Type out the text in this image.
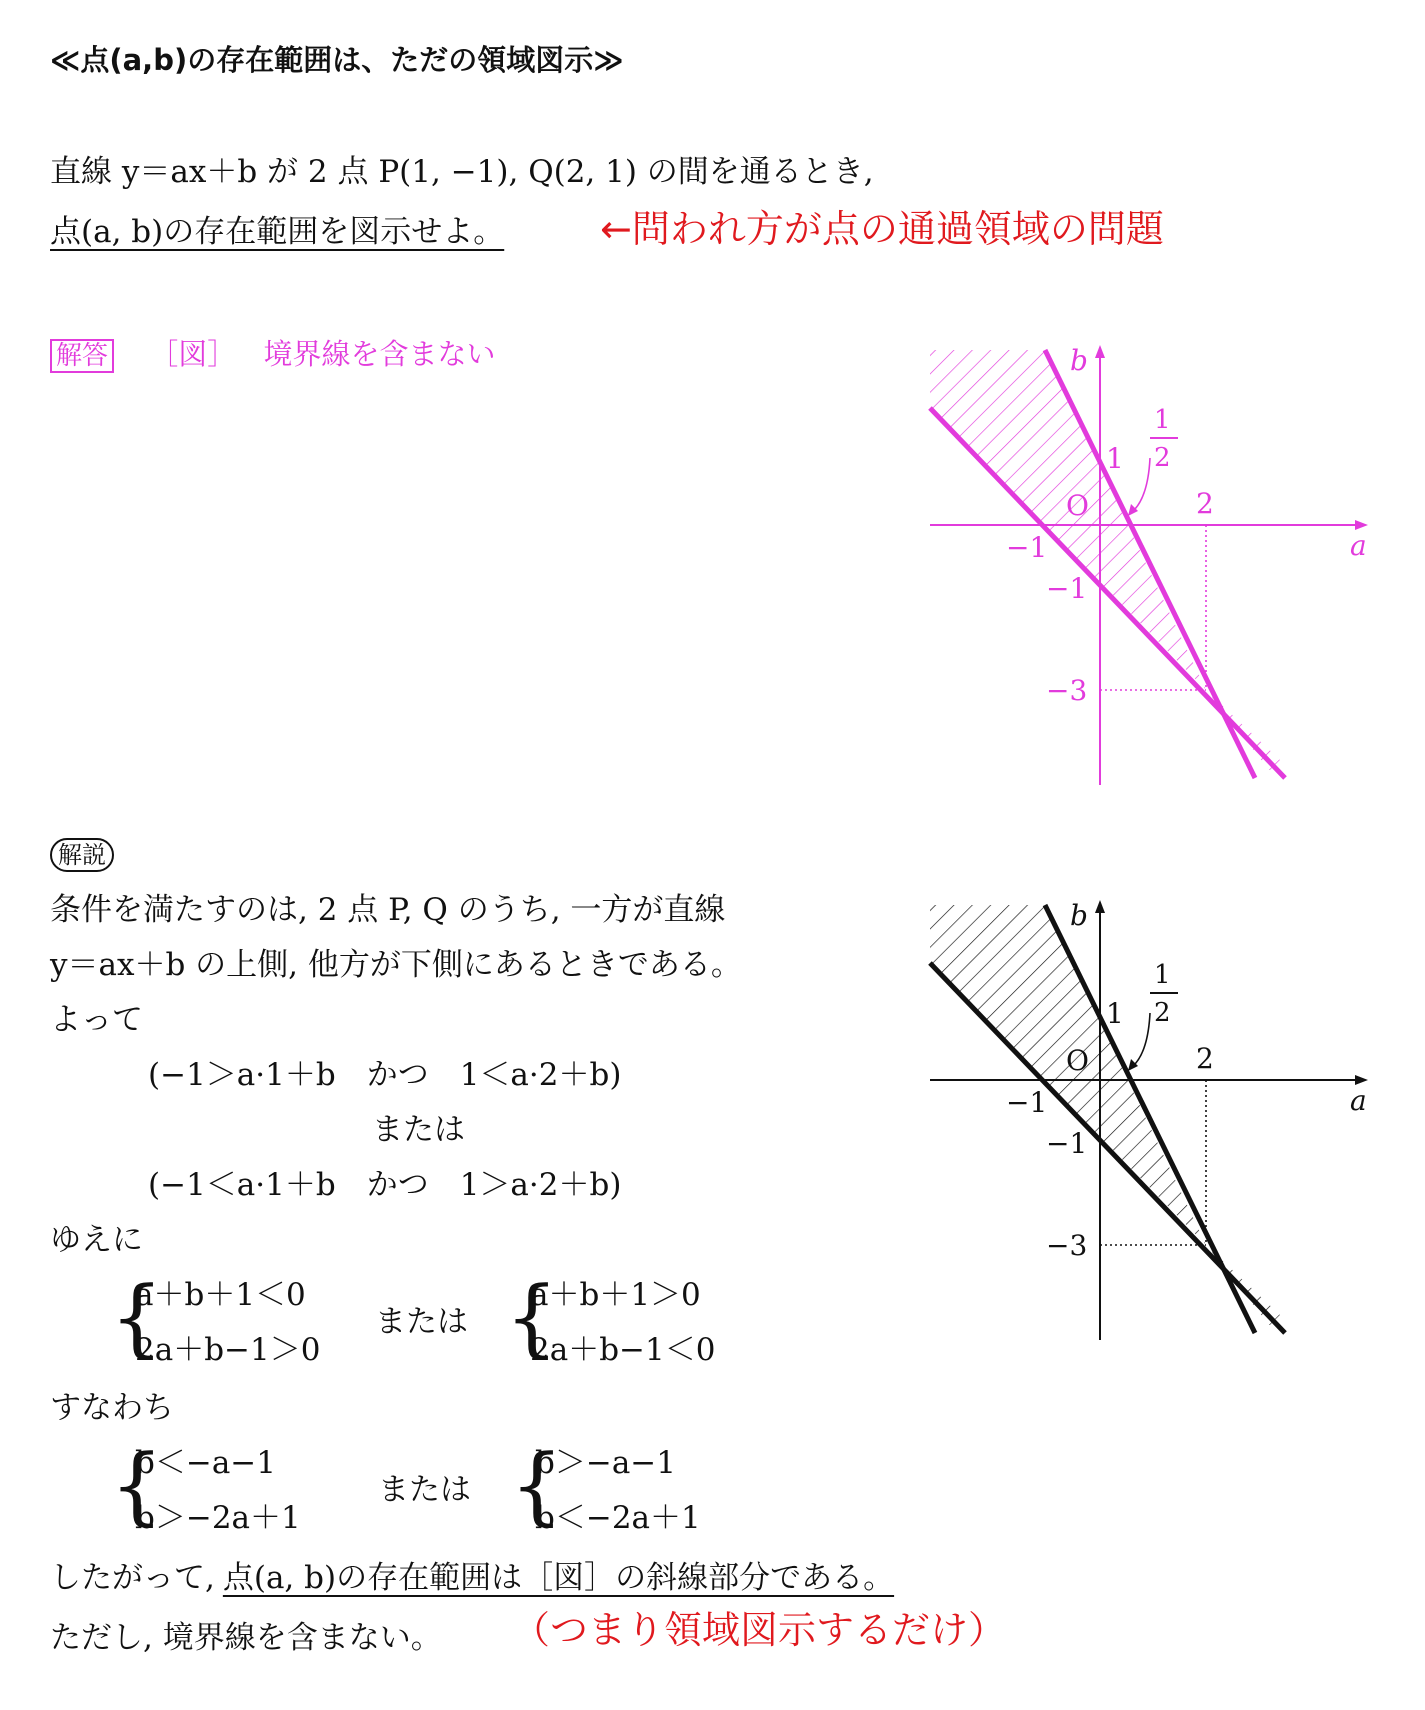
≪点(a,b)の存在範囲は、ただの領域図示≫
直線 y＝ax＋b が 2 点 P(1, −1), Q(2, 1) の間を通るとき,
点(a, b)の存在範囲を図示せよ。	←問われ方が点の通過領域の問題
解答 ［図］ 境界線を含まない
a
b
O
1
1
2
2
−1
−1
−3
解説
条件を満たすのは, 2 点 P, Q のうち, 一方が直線
y＝ax＋b の上側, 他方が下側にあるときである。
よって
(−1＞a·1＋b　かつ　1＜a·2＋b)
または
(−1＜a·1＋b　かつ　1＞a·2＋b)
ゆえに
{
a＋b＋1＜0
2a＋b−1＞0
または {
a＋b＋1＞0
2a＋b−1＜0
すなわち
{
b＜−a−1
b＞−2a＋1
または {
b＞−a−1
b＜−2a＋1
したがって, 点(a, b)の存在範囲は［図］の斜線部分である。
ただし, 境界線を含まない。 （つまり領域図示するだけ）
a
b
O
1
1
2
2
−1
−1
−3
